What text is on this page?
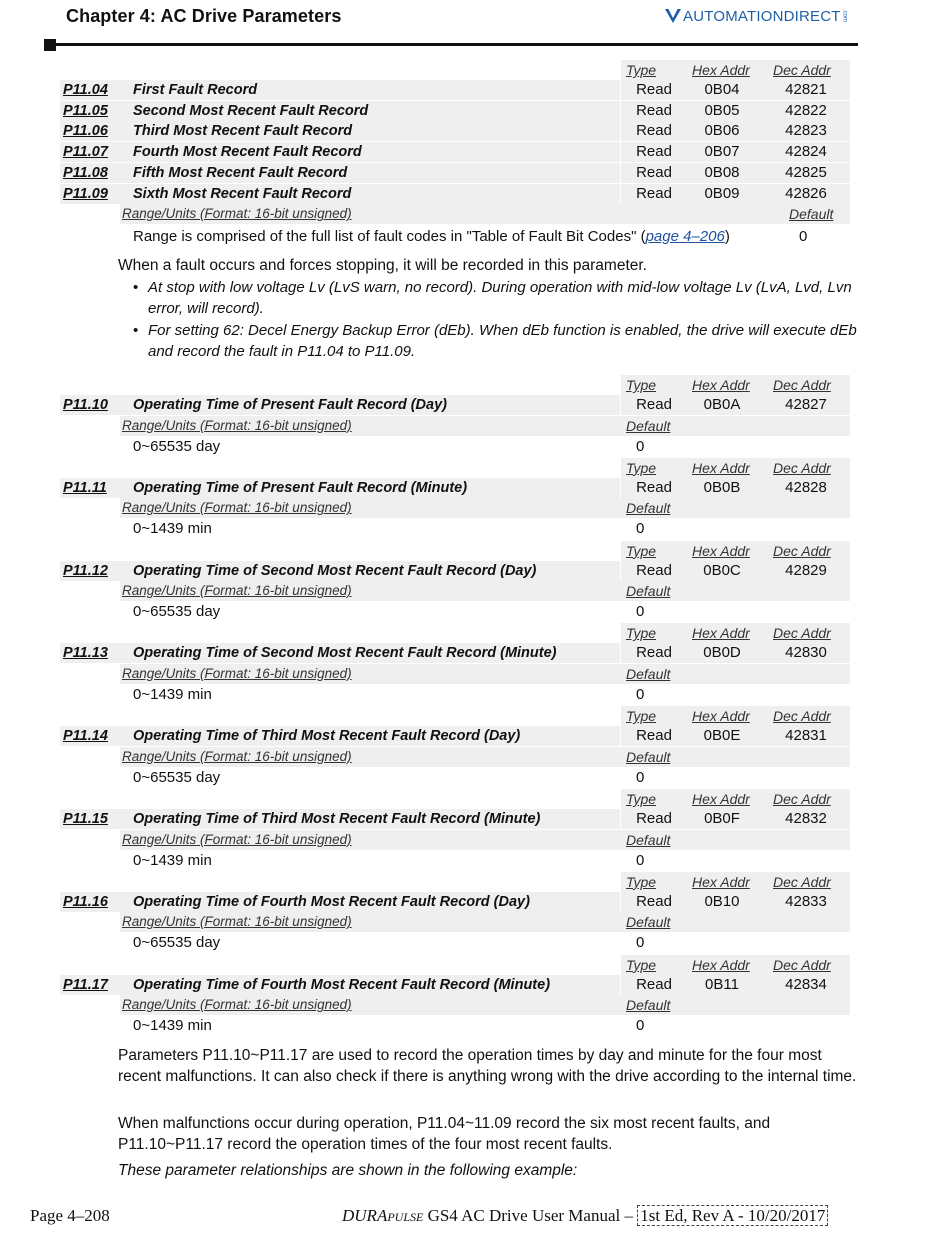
Chapter 4: AC Drive Parameters	AUTOMATIONDIRECT .com
Type	Hex Addr Dec Addr
P11.04 First Fault Record	Read	0B04	42821
P11.05 Second Most Recent Fault Record	Read	0B05	42822
P11.06 Third Most Recent Fault Record	Read	0B06	42823
P11.07 Fourth Most Recent Fault Record	Read	0B07	42824
P11.08 Fifth Most Recent Fault Record	Read	0B08	42825
P11.09 Sixth Most Recent Fault Record	Read	0B09	42826
Range/Units (Format: 16-bit unsigned)	Default
Range is comprised of the full list of fault codes in "Table of Fault Bit Codes" (page 4–206)	0
When a fault occurs and forces stopping, it will be recorded in this parameter.
• At stop with low voltage Lv (LvS warn, no record). During operation with mid-low voltage Lv (LvA, Lvd, Lvn error, will record).
• For setting 62: Decel Energy Backup Error (dEb). When dEb function is enabled, the drive will execute dEb and record the fault in P11.04 to P11.09.
Type	Hex Addr Dec Addr
P11.10 Operating Time of Present Fault Record (Day)	Read	0B0A	42827
Range/Units (Format: 16-bit unsigned)	Default
0~65535 day	0
Type	Hex Addr Dec Addr
P11.11 Operating Time of Present Fault Record (Minute)	Read	0B0B	42828
Range/Units (Format: 16-bit unsigned)	Default
0~1439 min	0
Type	Hex Addr Dec Addr
P11.12 Operating Time of Second Most Recent Fault Record (Day)	Read	0B0C	42829
Range/Units (Format: 16-bit unsigned)	Default
0~65535 day	0
Type	Hex Addr Dec Addr
P11.13 Operating Time of Second Most Recent Fault Record (Minute)	Read	0B0D	42830
Range/Units (Format: 16-bit unsigned)	Default
0~1439 min	0
Type	Hex Addr Dec Addr
P11.14 Operating Time of Third Most Recent Fault Record (Day)	Read	0B0E	42831
Range/Units (Format: 16-bit unsigned)	Default
0~65535 day	0
Type	Hex Addr Dec Addr
P11.15 Operating Time of Third Most Recent Fault Record (Minute)	Read	0B0F	42832
Range/Units (Format: 16-bit unsigned)	Default
0~1439 min	0
Type	Hex Addr Dec Addr
P11.16 Operating Time of Fourth Most Recent Fault Record (Day)	Read	0B10	42833
Range/Units (Format: 16-bit unsigned)	Default
0~65535 day	0
Type	Hex Addr Dec Addr
P11.17 Operating Time of Fourth Most Recent Fault Record (Minute)	Read	0B11	42834
Range/Units (Format: 16-bit unsigned)	Default
0~1439 min	0
Parameters P11.10~P11.17 are used to record the operation times by day and minute for the four most recent malfunctions. It can also check if there is anything wrong with the drive according to the internal time.
When malfunctions occur during operation, P11.04~11.09 record the six most recent faults, and P11.10~P11.17 record the operation times of the four most recent faults.
These parameter relationships are shown in the following example:
Page 4–208	DURAPULSE GS4 AC Drive User Manual – 1st Ed, Rev A - 10/20/2017
